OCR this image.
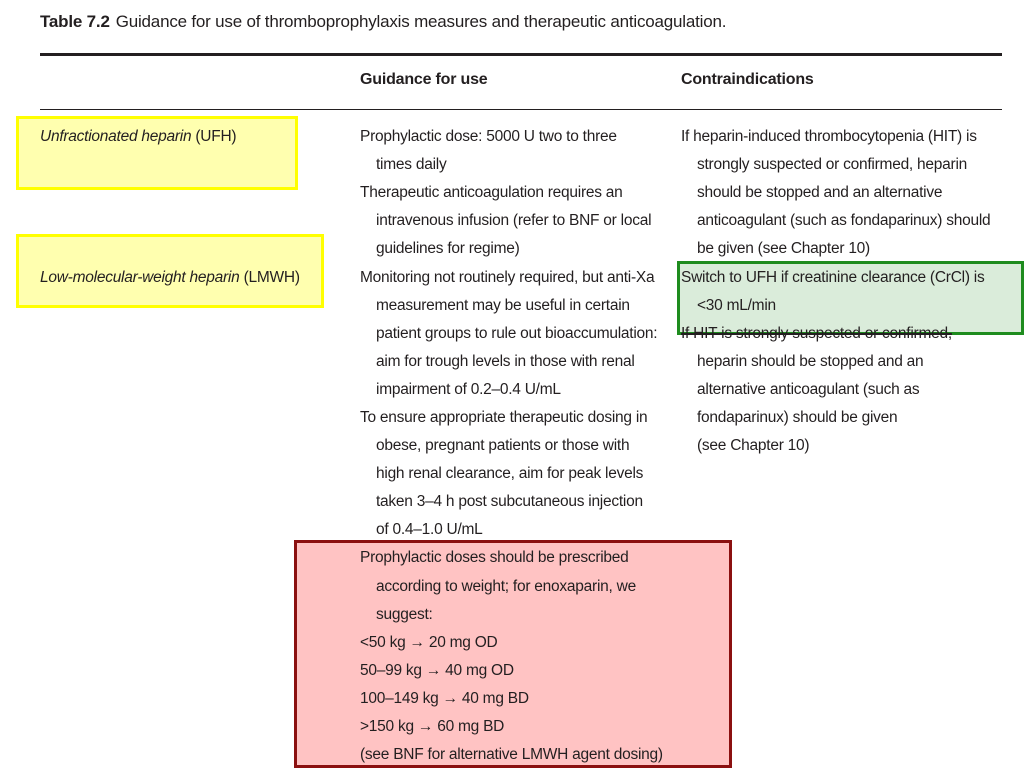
Table 7.2 Guidance for use of thromboprophylaxis measures and therapeutic anticoagulation.
Guidance for use	Contraindications
Unfractionated heparin (UFH)
Low-molecular-weight heparin (LMWH)
Prophylactic dose: 5000 U two to three
times daily
Therapeutic anticoagulation requires an
intravenous infusion (refer to BNF or local
guidelines for regime)
Monitoring not routinely required, but anti-Xa
measurement may be useful in certain
patient groups to rule out bioaccumulation:
aim for trough levels in those with renal
impairment of 0.2–0.4 U/mL
To ensure appropriate therapeutic dosing in
obese, pregnant patients or those with
high renal clearance, aim for peak levels
taken 3–4 h post subcutaneous injection
of 0.4–1.0 U/mL
Prophylactic doses should be prescribed
according to weight; for enoxaparin, we
suggest:
<50 kg → 20 mg OD
50–99 kg → 40 mg OD
100–149 kg → 40 mg BD
>150 kg → 60 mg BD
(see BNF for alternative LMWH agent dosing)
If heparin-induced thrombocytopenia (HIT) is
strongly suspected or confirmed, heparin
should be stopped and an alternative
anticoagulant (such as fondaparinux) should
be given (see Chapter 10)
Switch to UFH if creatinine clearance (CrCl) is
<30 mL/min
If HIT is strongly suspected or confirmed,
heparin should be stopped and an
alternative anticoagulant (such as
fondaparinux) should be given
(see Chapter 10)
